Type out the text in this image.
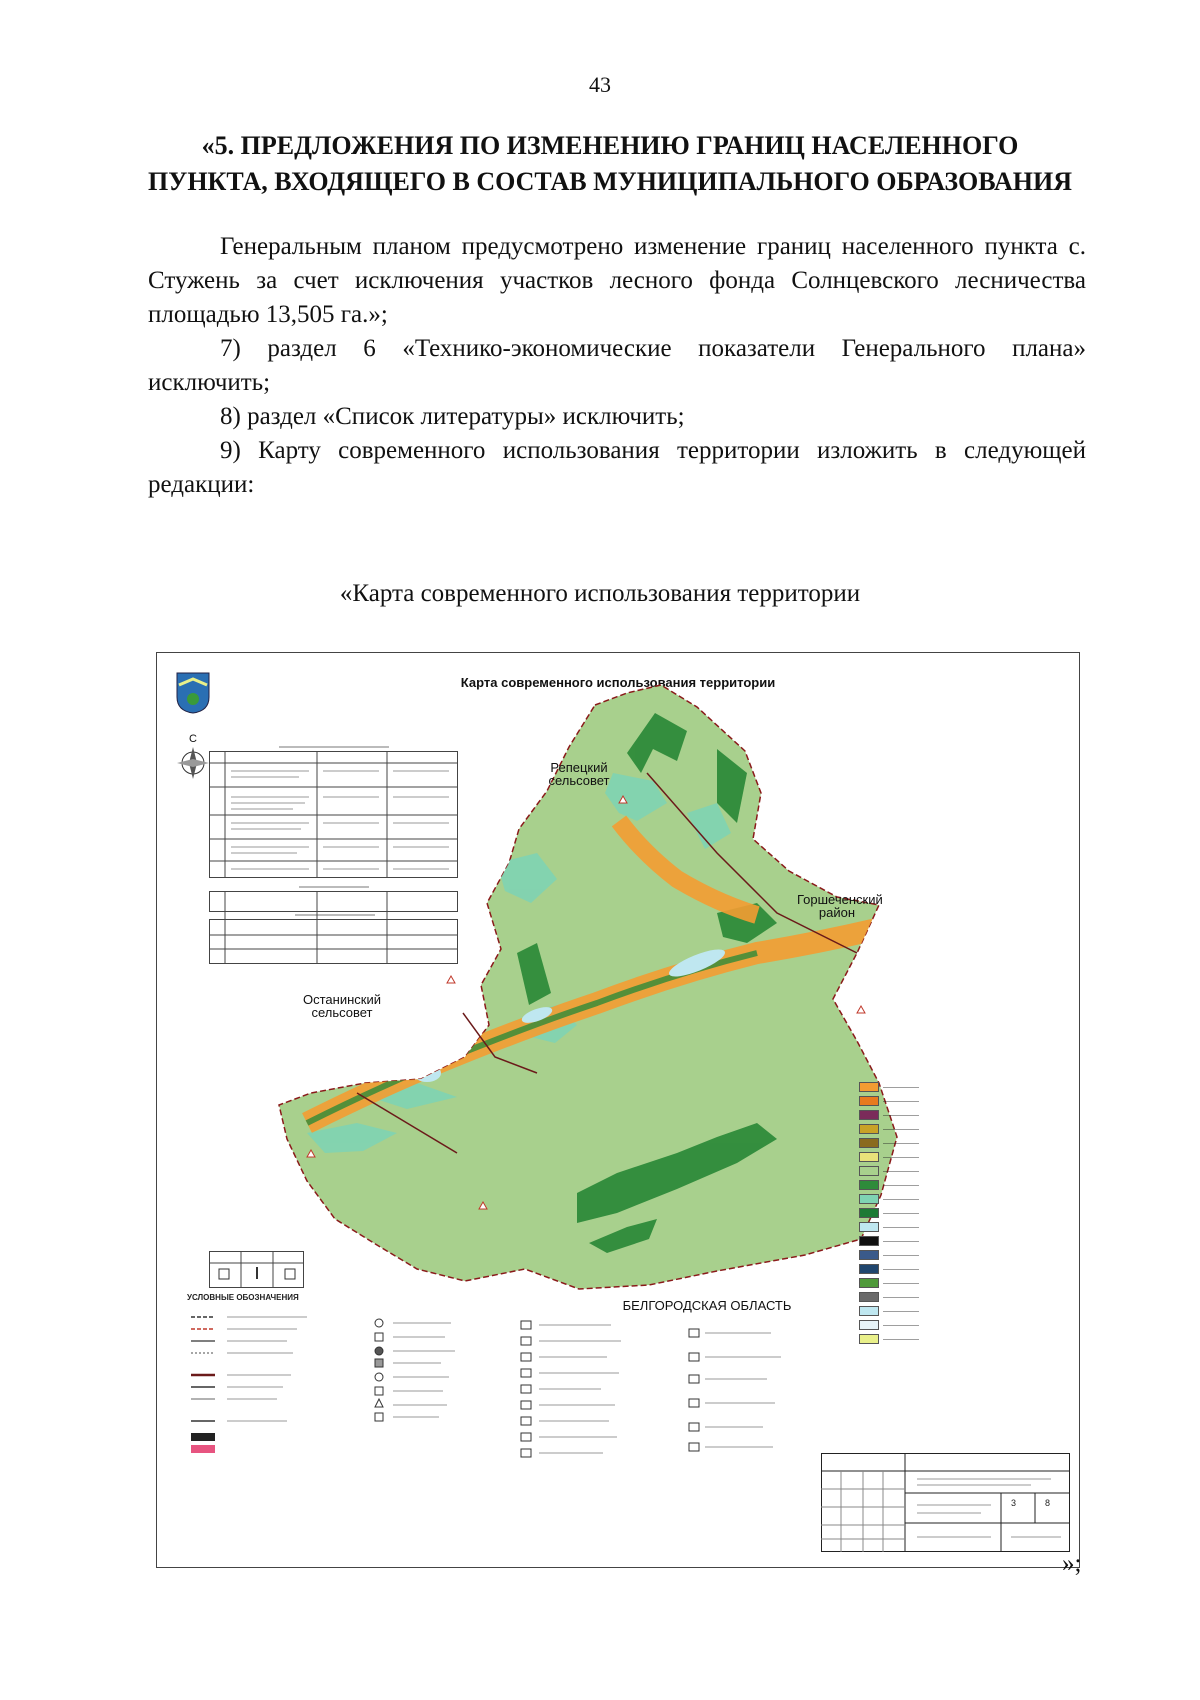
43
«5. ПРЕДЛОЖЕНИЯ ПО ИЗМЕНЕНИЮ ГРАНИЦ НАСЕЛЕННОГО ПУНКТА, ВХОДЯЩЕГО В СОСТАВ МУНИЦИПАЛЬНОГО ОБРАЗОВАНИЯ

Генеральным планом предусмотрено изменение границ населенного пункта с. Стужень за счет исключения участков лесного фонда Солнцевского лесничества площадью 13,505 га.»;

7) раздел 6 «Технико-экономические показатели Генерального плана» исключить;

8) раздел «Список литературы» исключить;

9) Карту современного использования территории изложить в следующей редакции:

«Карта современного использования территории
Карта современного использования территории
С
Репецкий сельсовет
Горшеченский район
Останинский сельсовет
БЕЛГОРОДСКАЯ ОБЛАСТЬ
УСЛОВНЫЕ ОБОЗНАЧЕНИЯ
——————
——————
——————
——————
——————
——————
——————
——————
——————
——————
——————
——————
——————
——————
——————
——————
——————
——————
——————
3	8
»;
